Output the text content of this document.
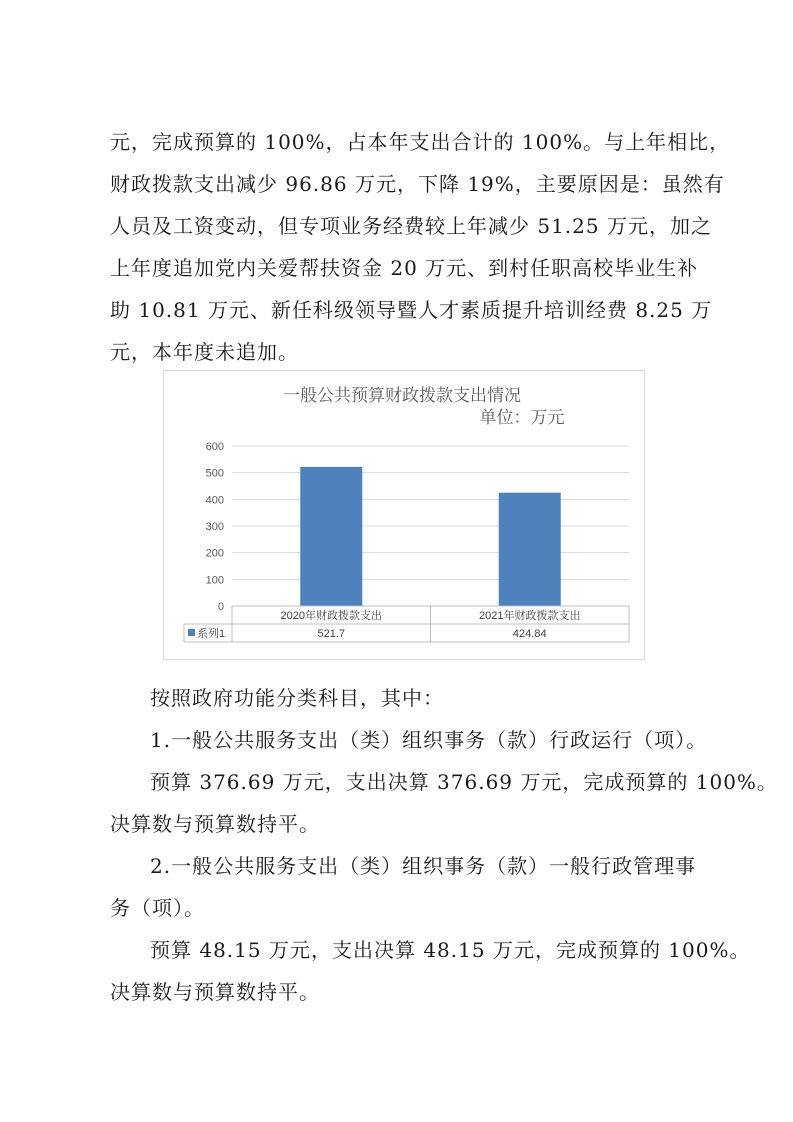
元，完成预算的 100%，占本年支出合计的 100%。与上年相比，
财政拨款支出减少 96.86 万元，下降 19%，主要原因是：虽然有
人员及工资变动，但专项业务经费较上年减少 51.25 万元，加之
上年度追加党内关爱帮扶资金 20 万元、到村任职高校毕业生补
助 10.81 万元、新任科级领导暨人才素质提升培训经费 8.25 万
元，本年度未追加。
一般公共预算财政拨款支出情况
单位：万元
0
100
200
300
400
500
600
2020年财政拨款支出
521.7
2021年财政拨款支出
424.84
系列1
按照政府功能分类科目，其中：
1.一般公共服务支出（类）组织事务（款）行政运行（项）。
预算 376.69 万元，支出决算 376.69 万元，完成预算的 100%。
决算数与预算数持平。
2.一般公共服务支出（类）组织事务（款）一般行政管理事
务（项）。
预算 48.15 万元，支出决算 48.15 万元，完成预算的 100%。
决算数与预算数持平。
